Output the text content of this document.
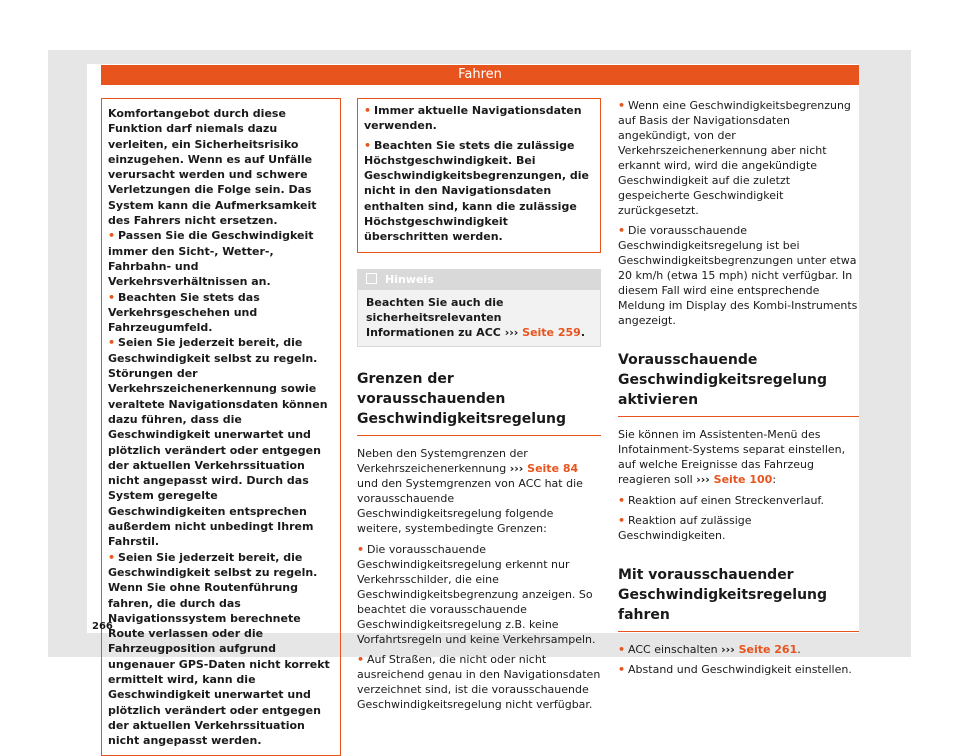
Fahren

Komfortangebot durch diese Funktion darf niemals dazu verleiten, ein Sicherheitsrisiko einzugehen. Wenn es auf Unfälle verursacht werden und schwere Verletzungen die Folge sein. Das System kann die Aufmerksamkeit des Fahrers nicht ersetzen.

• Passen Sie die Geschwindigkeit immer den Sicht-, Wetter-, Fahrbahn- und Verkehrsverhältnissen an.

• Beachten Sie stets das Verkehrsgeschehen und Fahrzeugumfeld.

• Seien Sie jederzeit bereit, die Geschwindigkeit selbst zu regeln. Störungen der Verkehrszeichenerkennung sowie veraltete Navigationsdaten können dazu führen, dass die Geschwindigkeit unerwartet und plötzlich verändert oder entgegen der aktuellen Verkehrssituation nicht angepasst wird. Durch das System geregelte Geschwindigkeiten entsprechen außerdem nicht unbedingt Ihrem Fahrstil.

• Seien Sie jederzeit bereit, die Geschwindigkeit selbst zu regeln. Wenn Sie ohne Routenführung fahren, die durch das Navigationssystem berechnete Route verlassen oder die Fahrzeugposition aufgrund ungenauer GPS-Daten nicht korrekt ermittelt wird, kann die Geschwindigkeit unerwartet und plötzlich verändert oder entgegen der aktuellen Verkehrssituation nicht angepasst werden.

• Immer aktuelle Navigationsdaten verwenden.

• Beachten Sie stets die zulässige Höchstgeschwindigkeit. Bei Geschwindigkeitsbegrenzungen, die nicht in den Navigationsdaten enthalten sind, kann die zulässige Höchstgeschwindigkeit überschritten werden.

Hinweis
Beachten Sie auch die sicherheitsrelevanten Informationen zu ACC ››› Seite 259.
Grenzen der vorausschauenden Geschwindigkeitsregelung

Neben den Systemgrenzen der Verkehrszeichenerkennung ››› Seite 84 und den Systemgrenzen von ACC hat die vorausschauende Geschwindigkeitsregelung folgende weitere, systembedingte Grenzen:

• Die vorausschauende Geschwindigkeitsregelung erkennt nur Verkehrsschilder, die eine Geschwindigkeitsbegrenzung anzeigen. So beachtet die vorausschauende Geschwindigkeitsregelung z.B. keine Vorfahrtsregeln und keine Verkehrsampeln.

• Auf Straßen, die nicht oder nicht ausreichend genau in den Navigationsdaten verzeichnet sind, ist die vorausschauende Geschwindigkeitsregelung nicht verfügbar.

• Wenn eine Geschwindigkeitsbegrenzung auf Basis der Navigationsdaten angekündigt, von der Verkehrszeichenerkennung aber nicht erkannt wird, wird die angekündigte Geschwindigkeit auf die zuletzt gespeicherte Geschwindigkeit zurückgesetzt.

• Die vorausschauende Geschwindigkeitsregelung ist bei Geschwindigkeitsbegrenzungen unter etwa 20 km/h (etwa 15 mph) nicht verfügbar. In diesem Fall wird eine entsprechende Meldung im Display des Kombi-Instruments angezeigt.

Vorausschauende Geschwindigkeitsregelung aktivieren

Sie können im Assistenten-Menü des Infotainment-Systems separat einstellen, auf welche Ereignisse das Fahrzeug reagieren soll ››› Seite 100:

• Reaktion auf einen Streckenverlauf.

• Reaktion auf zulässige Geschwindigkeiten.

Mit vorausschauender Geschwindigkeitsregelung fahren

• ACC einschalten ››› Seite 261.

• Abstand und Geschwindigkeit einstellen.

266
